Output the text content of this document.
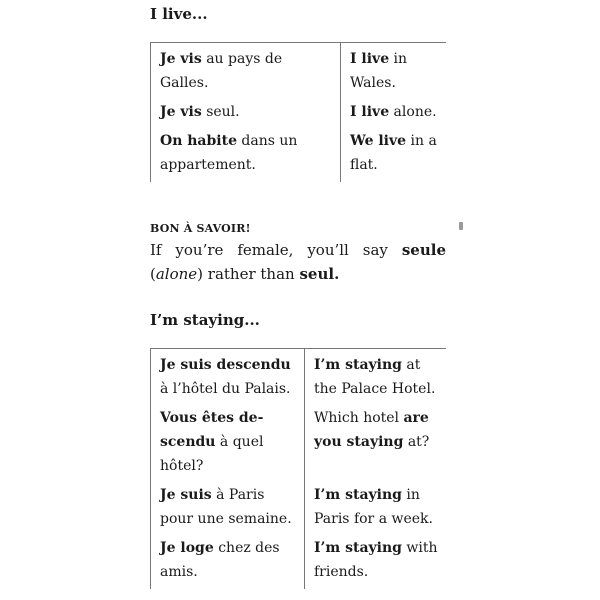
I live...
Je vis au pays de Galles.	I live in Wales.
Je vis seul.	I live alone.
On habite dans un appartement.	We live in a flat.
BON À SAVOIR!
If you’re female, you’ll say seule (alone) rather than seul.
I’m staying...
Je suis descendu à l’hôtel du Palais.	I’m staying at the Palace Hotel.
Vous êtes de-scendu à quel hôtel?	Which hotel are you staying at?
Je suis à Paris pour une semaine.	I’m staying in Paris for a week.
Je loge chez des amis.	I’m staying with friends.
